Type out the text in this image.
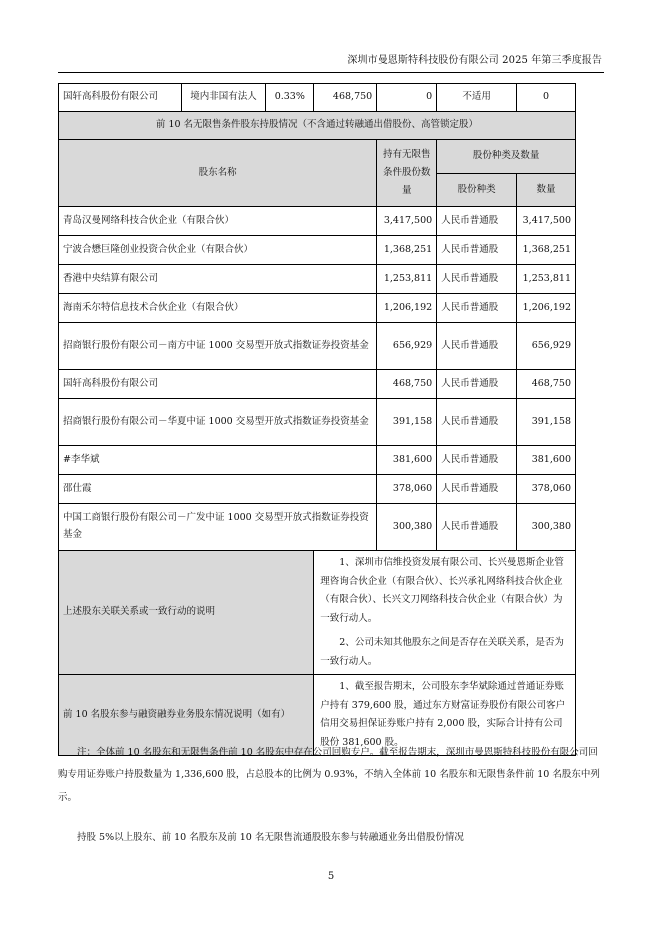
深圳市曼恩斯特科技股份有限公司 2025 年第三季度报告
国轩高科股份有限公司	境内非国有法人	0.33%	468,750	0	不适用	0
前 10 名无限售条件股东持股情况（不含通过转融通出借股份、高管锁定股）						
股东名称				持有无限售条件股份数量	股份种类及数量	
					股份种类	数量
青岛汉曼网络科技合伙企业（有限合伙）				3,417,500	人民币普通股	3,417,500
宁波合懋巨隆创业投资合伙企业（有限合伙）				1,368,251	人民币普通股	1,368,251
香港中央结算有限公司				1,253,811	人民币普通股	1,253,811
海南禾尔特信息技术合伙企业（有限合伙）				1,206,192	人民币普通股	1,206,192
招商银行股份有限公司－南方中证 1000 交易型开放式指数证券投资基金				656,929	人民币普通股	656,929
国轩高科股份有限公司				468,750	人民币普通股	468,750
招商银行股份有限公司－华夏中证 1000 交易型开放式指数证券投资基金				391,158	人民币普通股	391,158
#李华斌				381,600	人民币普通股	381,600
邵仕霞				378,060	人民币普通股	378,060
中国工商银行股份有限公司－广发中证 1000 交易型开放式指数证券投资基金				300,380	人民币普通股	300,380
上述股东关联关系或一致行动的说明			1、深圳市信维投资发展有限公司、长兴曼恩斯企业管理咨询合伙企业（有限合伙）、长兴承礼网络科技合伙企业（有限合伙）、长兴文刀网络科技合伙企业（有限合伙）为一致行动人。
2、公司未知其他股东之间是否存在关联关系，是否为一致行动人。			

前 10 名股东参与融资融券业务股东情况说明（如有）			1、截至报告期末，公司股东李华斌除通过普通证券账户持有 379,600 股，通过东方财富证券股份有限公司客户信用交易担保证券账户持有 2,000 股，实际合计持有公司股份 381,600 股。			
注：全体前 10 名股东和无限售条件前 10 名股东中存在公司回购专户。截至报告期末，深圳市曼恩斯特科技股份有限公司回购专用证券账户持股数量为 1,336,600 股，占总股本的比例为 0.93%，不纳入全体前 10 名股东和无限售条件前 10 名股东中列示。
持股 5%以上股东、前 10 名股东及前 10 名无限售流通股股东参与转融通业务出借股份情况
5
